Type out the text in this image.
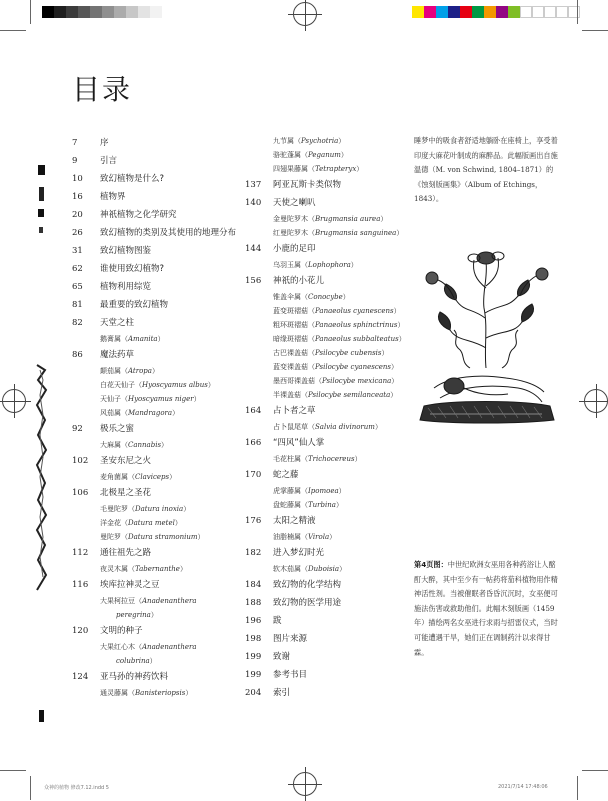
目录
7	序
9	引言
10	致幻植物是什么?
16	植物界
20	神祇植物之化学研究
26	致幻植物的类别及其使用的地理分布
31	致幻植物图鉴
62	谁使用致幻植物?
65	植物利用综览
81	最重要的致幻植物
82	天堂之柱
鹅膏属（Amanita）
86	魔法药草
颠茄属（Atropa）
白花天仙子（Hyoscyamus albus）
天仙子（Hyoscyamus niger）
风茄属（Mandragora）
92	极乐之蜜
大麻属（Cannabis）
102	圣安东尼之火
麦角菌属（Claviceps）
106	北极星之圣花
毛曼陀罗（Datura inoxia）
洋金花（Datura metel）
曼陀罗（Datura stramonium）
112	通往祖先之路
夜灵木属（Tabernanthe）
116	埃库拉神灵之豆
大果柯拉豆（Anadenanthera
peregrina）
120	文明的种子
大果红心木（Anadenanthera
colubrina）
124	亚马孙的神药饮料
通灵藤属（Banisteriopsis）
九节属（Psychotria）
骆驼蓬属（Peganum）
四翅果藤属（Tetrapteryx）
137	阿亚瓦斯卡类似物
140	天使之喇叭
金曼陀罗木（Brugmansia aurea）
红曼陀罗木（Brugmansia sanguinea）
144	小鹿的足印
乌羽玉属（Lophophora）
156	神祇的小花儿
锥盖伞属（Conocybe）
蓝变斑褶菇（Panaeolus cyanescens）
粗环斑褶菇（Panaeolus sphinctrinus）
暗缘斑褶菇（Panaeolus subbalteatus）
古巴裸盖菇（Psilocybe cubensis）
蓝变裸盖菇（Psilocybe cyanescens）
墨西哥裸盖菇（Psilocybe mexicana）
半裸盖菇（Psilocybe semilanceata）
164	占卜者之草
占卜鼠尾草（Salvia divinorum）
166	“四风”仙人掌
毛花柱属（Trichocereus）
170	蛇之藤
虎掌藤属（Ipomoea）
盘蛇藤属（Turbina）
176	太阳之精液
油脂楠属（Virola）
182	进入梦幻时光
软木茄属（Duboisia）
184	致幻物的化学结构
188	致幻物的医学用途
196	跋
198	图片来源
199	致谢
199	参考书目
204	索引
睡梦中的吸食者舒适地躺卧在座椅上，享受着印度大麻花叶制成的麻醉品。此幅版画出自施温德（M. von Schwind, 1804–1871）的《蚀刻版画集》（Album of Etchings，1843）。
第4页图：中世纪欧洲女巫用各种药浴让人酩酊大醉，其中至少有一帖药将茄科植物用作精神活性剂。当被催眠者昏昏沉沉时，女巫便可施法伤害或救助他们。此幅木刻版画（1459年）描绘两名女巫进行求雨与招雷仪式，当时可能遭遇干旱，她们正在调制药汁以求得甘霖。
众神的植物 修改7.12.indd 5	2021/7/14 17:48:06
